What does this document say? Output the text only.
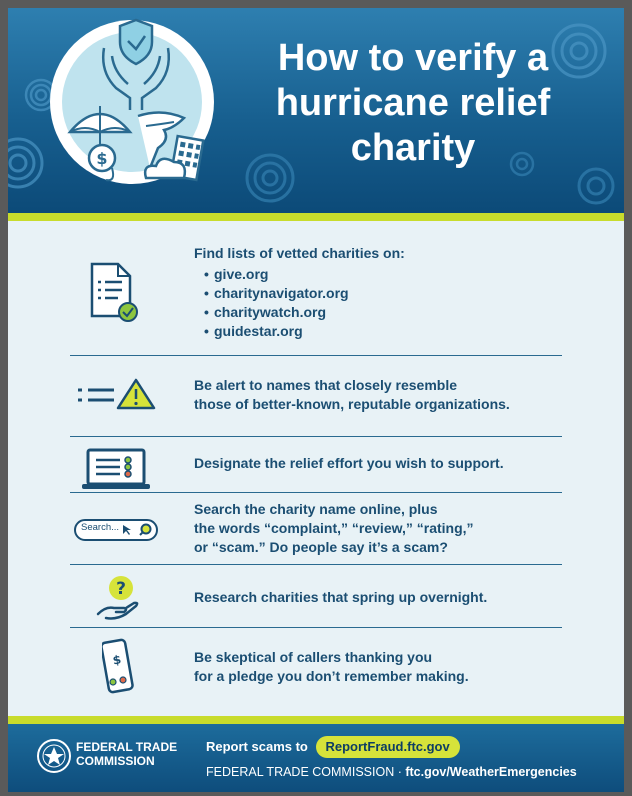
$
How to verify a
hurricane relief
charity
Find lists of vetted charities on:
• give.org
• charitynavigator.org
• charitywatch.org
• guidestar.org
Be alert to names that closely resemble
those of better-known, reputable organizations.
Designate the relief effort you wish to support.
Search...
Search the charity name online, plus
the words “complaint,” “review,” “rating,”
or “scam.” Do people say it’s a scam?
?	Research charities that spring up overnight.
$	Be skeptical of callers thanking you
for a pledge you don’t remember making.
FEDERAL TRADE
COMMISSION
Report scams to ReportFraud.ftc.gov
FEDERAL TRADE COMMISSION · ftc.gov/WeatherEmergencies
